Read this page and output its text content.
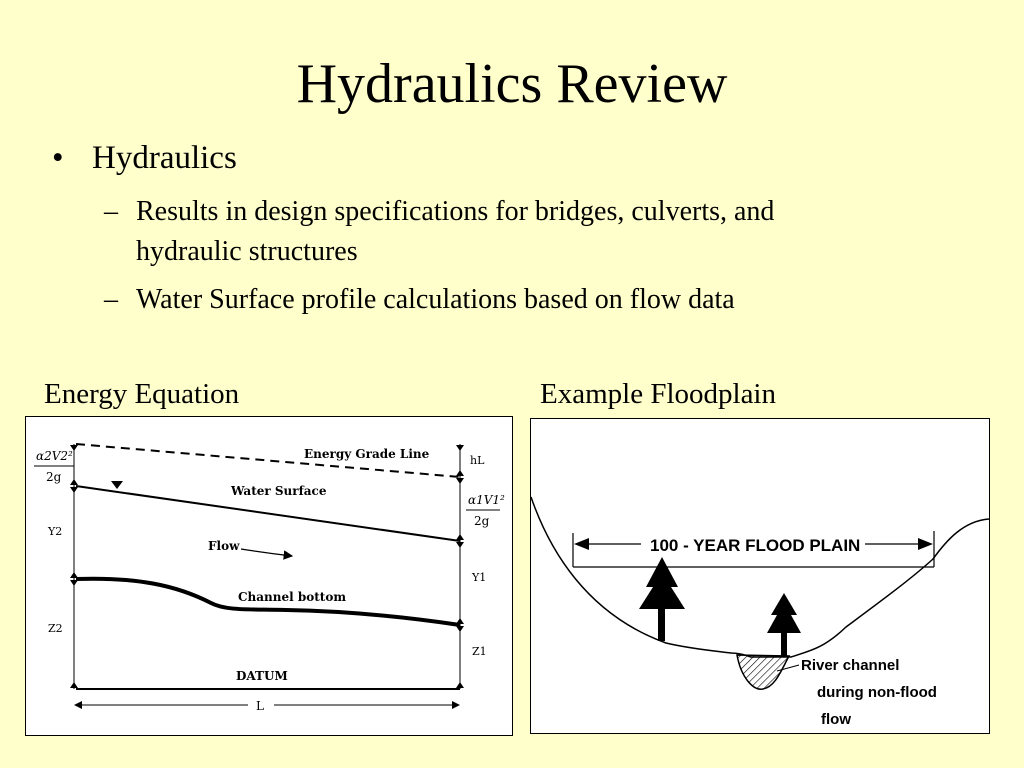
Hydraulics Review
• Hydraulics
– Results in design specifications for bridges, culverts, and hydraulic structures
– Water Surface profile calculations based on flow data
Energy Equation	Example Floodplain
Energy Grade Line
Water Surface
Flow
Channel bottom
DATUM
α2V2²
2g
Y2
Z2
hL
α1V1²
2g
Y1
Z1
L
100 - YEAR FLOOD PLAIN
River channel
during non-flood
flow
